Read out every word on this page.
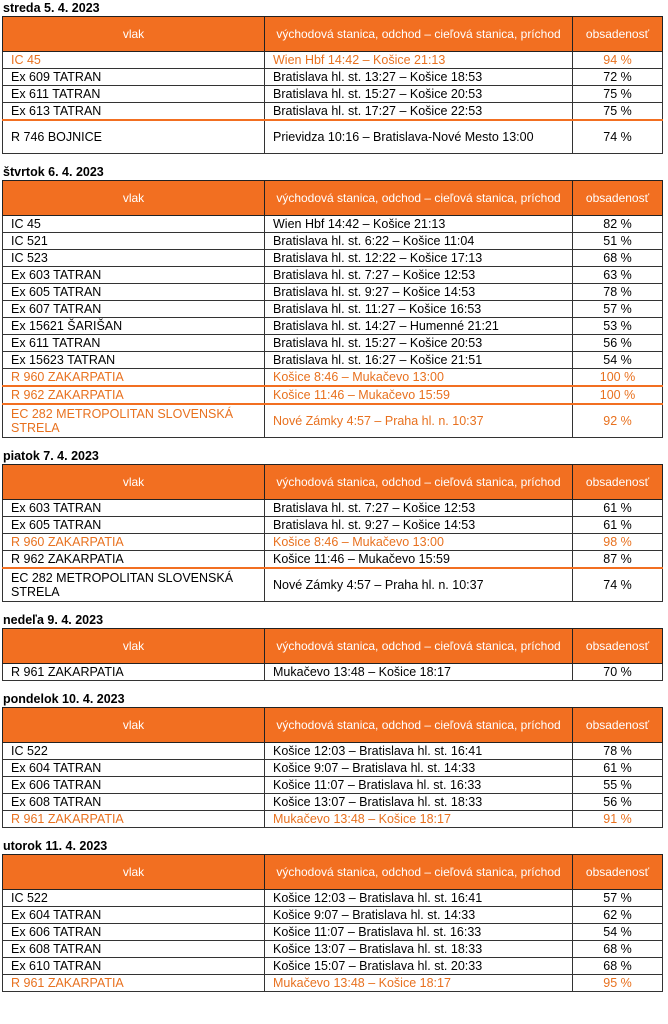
streda 5. 4. 2023
vlak	východová stanica, odchod – cieľová stanica, príchod	obsadenosť
IC 45	Wien Hbf 14:42 – Košice 21:13	94 %
Ex 609 TATRAN	Bratislava hl. st. 13:27 – Košice 18:53	72 %
Ex 611 TATRAN	Bratislava hl. st. 15:27 – Košice 20:53	75 %
Ex 613 TATRAN	Bratislava hl. st. 17:27 – Košice 22:53	75 %
R 746 BOJNICE	Prievidza 10:16 – Bratislava-Nové Mesto 13:00	74 %
štvrtok 6. 4. 2023
vlak	východová stanica, odchod – cieľová stanica, príchod	obsadenosť
IC 45	Wien Hbf 14:42 – Košice 21:13	82 %
IC 521	Bratislava hl. st. 6:22 – Košice 11:04	51 %
IC 523	Bratislava hl. st. 12:22 – Košice 17:13	68 %
Ex 603 TATRAN	Bratislava hl. st. 7:27 – Košice 12:53	63 %
Ex 605 TATRAN	Bratislava hl. st. 9:27 – Košice 14:53	78 %
Ex 607 TATRAN	Bratislava hl. st. 11:27 – Košice 16:53	57 %
Ex 15621 ŠARIŠAN	Bratislava hl. st. 14:27 – Humenné 21:21	53 %
Ex 611 TATRAN	Bratislava hl. st. 15:27 – Košice 20:53	56 %
Ex 15623 TATRAN	Bratislava hl. st. 16:27 – Košice 21:51	54 %
R 960 ZAKARPATIA	Košice 8:46 – Mukačevo 13:00	100 %
R 962 ZAKARPATIA	Košice 11:46 – Mukačevo 15:59	100 %
EC 282 METROPOLITAN SLOVENSKÁ STRELA	Nové Zámky 4:57 – Praha hl. n. 10:37	92 %
piatok 7. 4. 2023
vlak	východová stanica, odchod – cieľová stanica, príchod	obsadenosť
Ex 603 TATRAN	Bratislava hl. st. 7:27 – Košice 12:53	61 %
Ex 605 TATRAN	Bratislava hl. st. 9:27 – Košice 14:53	61 %
R 960 ZAKARPATIA	Košice 8:46 – Mukačevo 13:00	98 %
R 962 ZAKARPATIA	Košice 11:46 – Mukačevo 15:59	87 %
EC 282 METROPOLITAN SLOVENSKÁ STRELA	Nové Zámky 4:57 – Praha hl. n. 10:37	74 %
nedeľa 9. 4. 2023
vlak	východová stanica, odchod – cieľová stanica, príchod	obsadenosť
R 961 ZAKARPATIA	Mukačevo 13:48 – Košice 18:17	70 %
pondelok 10. 4. 2023
vlak	východová stanica, odchod – cieľová stanica, príchod	obsadenosť
IC 522	Košice 12:03 – Bratislava hl. st. 16:41	78 %
Ex 604 TATRAN	Košice 9:07 – Bratislava hl. st. 14:33	61 %
Ex 606 TATRAN	Košice 11:07 – Bratislava hl. st. 16:33	55 %
Ex 608 TATRAN	Košice 13:07 – Bratislava hl. st. 18:33	56 %
R 961 ZAKARPATIA	Mukačevo 13:48 – Košice 18:17	91 %
utorok 11. 4. 2023
vlak	východová stanica, odchod – cieľová stanica, príchod	obsadenosť
IC 522	Košice 12:03 – Bratislava hl. st. 16:41	57 %
Ex 604 TATRAN	Košice 9:07 – Bratislava hl. st. 14:33	62 %
Ex 606 TATRAN	Košice 11:07 – Bratislava hl. st. 16:33	54 %
Ex 608 TATRAN	Košice 13:07 – Bratislava hl. st. 18:33	68 %
Ex 610 TATRAN	Košice 15:07 – Bratislava hl. st. 20:33	68 %
R 961 ZAKARPATIA	Mukačevo 13:48 – Košice 18:17	95 %
